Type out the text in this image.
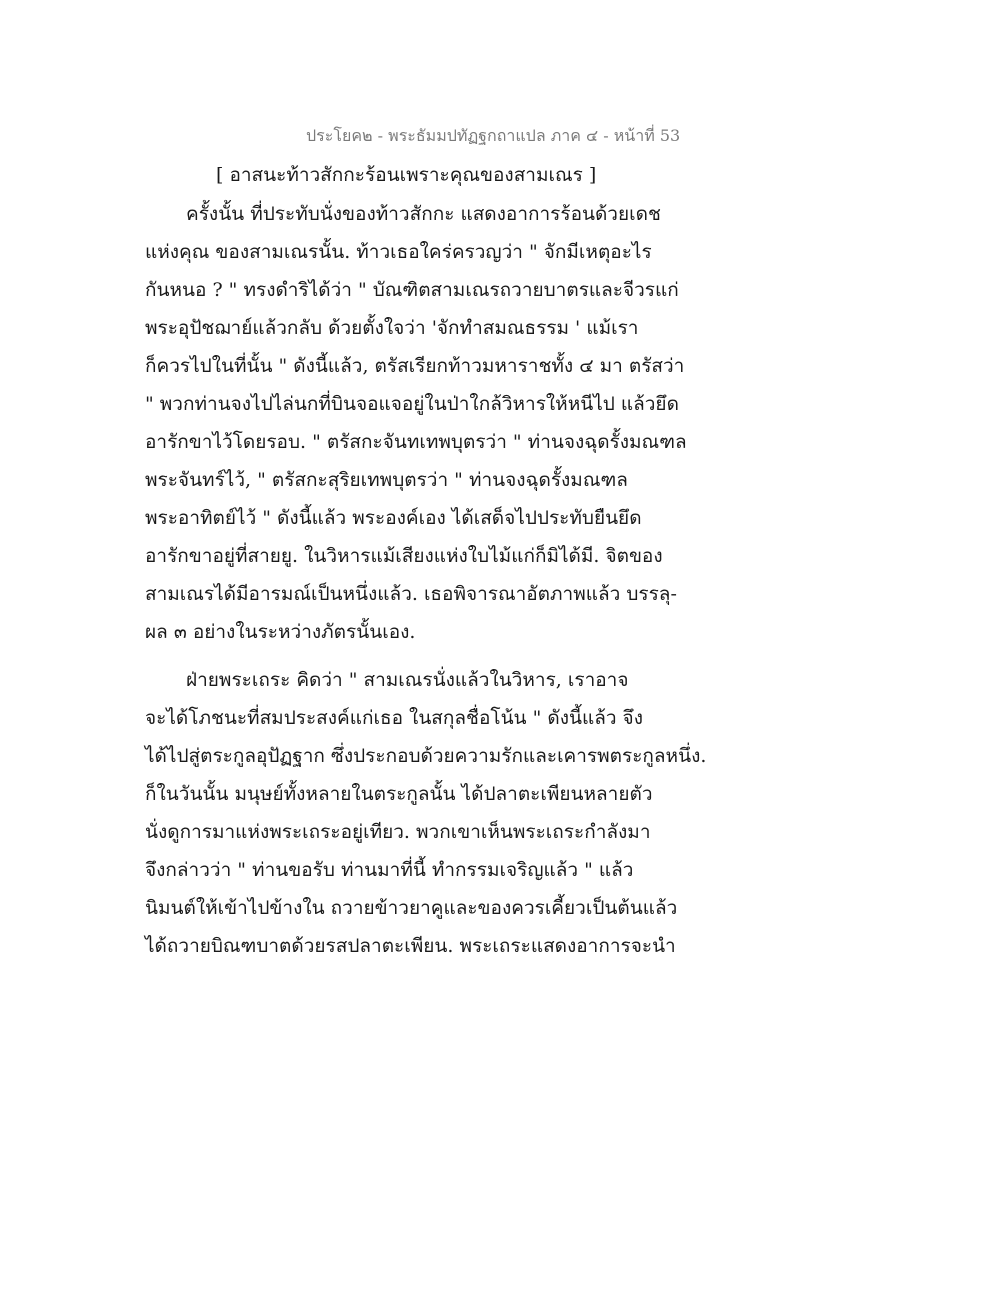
ประโยค๒ - พระธัมมปทัฏฐกถาแปล ภาค ๔ - หน้าที่ 53
[ อาสนะท้าวสักกะร้อนเพราะคุณของสามเณร ]
ครั้งนั้น ที่ประทับนั่งของท้าวสักกะ แสดงอาการร้อนด้วยเดช
แห่งคุณ ของสามเณรนั้น. ท้าวเธอใคร่ครวญว่า " จักมีเหตุอะไร
กันหนอ ? " ทรงดำริได้ว่า " บัณฑิตสามเณรถวายบาตรและจีวรแก่
พระอุปัชฌาย์แล้วกลับ ด้วยตั้งใจว่า 'จักทำสมณธรรม ' แม้เรา
ก็ควรไปในที่นั้น " ดังนี้แล้ว, ตรัสเรียกท้าวมหาราชทั้ง ๔ มา ตรัสว่า
" พวกท่านจงไปไล่นกที่บินจอแจอยู่ในป่าใกล้วิหารให้หนีไป แล้วยึด
อารักขาไว้โดยรอบ. " ตรัสกะจันทเทพบุตรว่า " ท่านจงฉุดรั้งมณฑล
พระจันทร์ไว้, " ตรัสกะสุริยเทพบุตรว่า " ท่านจงฉุดรั้งมณฑล
พระอาทิตย์ไว้ " ดังนี้แล้ว พระองค์เอง ได้เสด็จไปประทับยืนยึด
อารักขาอยู่ที่สายยู. ในวิหารแม้เสียงแห่งใบไม้แก่ก็มิได้มี. จิตของ
สามเณรได้มีอารมณ์เป็นหนึ่งแล้ว. เธอพิจารณาอัตภาพแล้ว บรรลุ-
ผล ๓ อย่างในระหว่างภัตรนั้นเอง.
ฝ่ายพระเถระ คิดว่า " สามเณรนั่งแล้วในวิหาร, เราอาจ
จะได้โภชนะที่สมประสงค์แก่เธอ ในสกุลชื่อโน้น " ดังนี้แล้ว จึง
ได้ไปสู่ตระกูลอุปัฏฐาก ซึ่งประกอบด้วยความรักและเคารพตระกูลหนึ่ง.
ก็ในวันนั้น มนุษย์ทั้งหลายในตระกูลนั้น ได้ปลาตะเพียนหลายตัว
นั่งดูการมาแห่งพระเถระอยู่เทียว. พวกเขาเห็นพระเถระกำลังมา
จึงกล่าวว่า " ท่านขอรับ ท่านมาที่นี้ ทำกรรมเจริญแล้ว " แล้ว
นิมนต์ให้เข้าไปข้างใน ถวายข้าวยาคูและของควรเคี้ยวเป็นต้นแล้ว
ได้ถวายบิณฑบาตด้วยรสปลาตะเพียน. พระเถระแสดงอาการจะนำ
